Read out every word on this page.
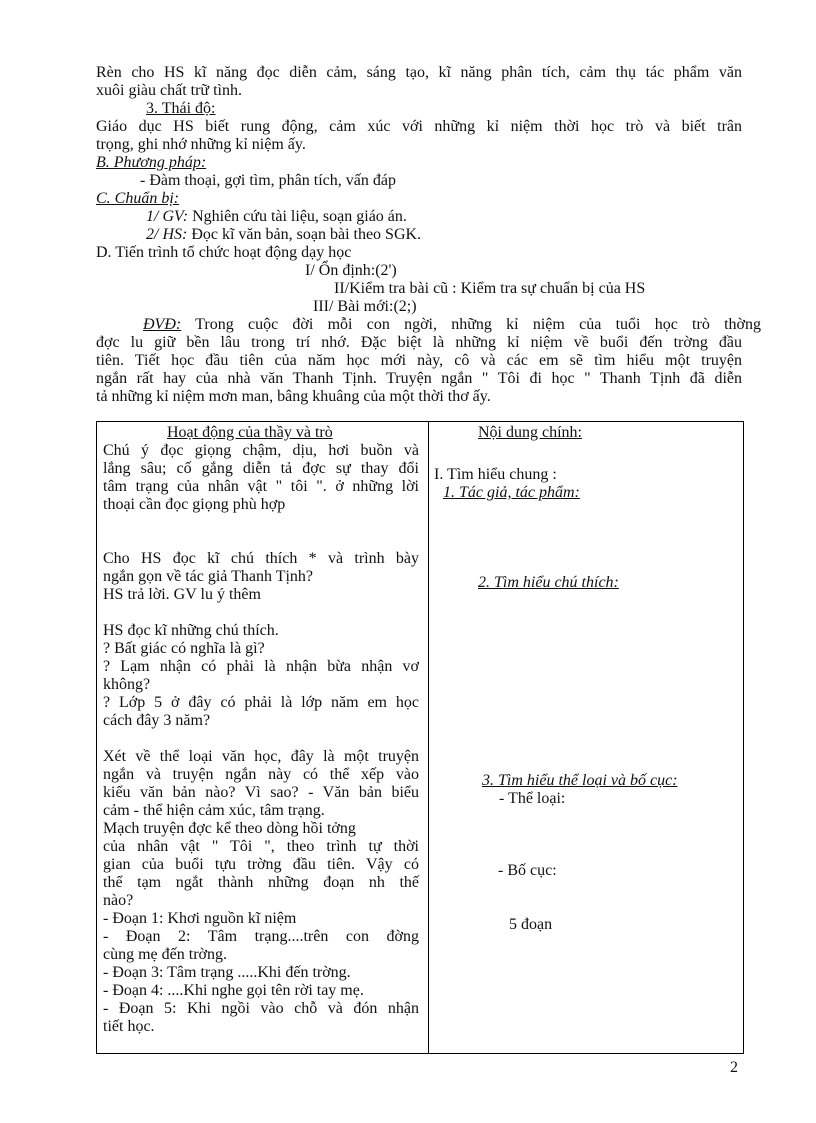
Rèn cho HS kĩ năng đọc diễn cảm, sáng tạo, kĩ năng phân tích, cảm thụ tác phẩm văn
xuôi giàu chất trữ tình.
3. Thái độ:
Giáo dục HS biết rung động, cảm xúc với những kỉ niệm thời học trò và biết trân
trọng, ghi nhớ những kỉ niệm ấy.
B. Phương pháp:
- Đàm thoại, gợi tìm, phân tích, vấn đáp
C. Chuẩn bị:
1/ GV: Nghiên cứu tài liệu, soạn giáo án.
2/ HS: Đọc kĩ văn bản, soạn bài theo SGK.
D. Tiến trình tổ chức hoạt động dạy học
I/ Ổn định:(2')
II/Kiểm tra bài cũ : Kiểm tra sự chuẩn bị của HS
III/ Bài mới:(2;)
ĐVĐ: Trong cuộc đời mỗi con ngời, những kỉ niệm của tuổi học trò thờng
đợc lu giữ bền lâu trong trí nhớ. Đặc biệt là những kỉ niệm về buổi đến trờng đầu
tiên. Tiết học đầu tiên của năm học mới này, cô và các em sẽ tìm hiểu một truyện
ngắn rất hay của nhà văn Thanh Tịnh. Truyện ngắn " Tôi đi học " Thanh Tịnh đã diễn
tả những kỉ niệm mơn man, bâng khuâng của một thời thơ ấy.
Hoạt động của thầy và trò	Nội dung chính:
Chú ý đọc giọng chậm, dịu, hơi buồn và
lắng sâu; cố gắng diễn tả đợc sự thay đổi
tâm trạng của nhân vật " tôi ". ở những lời
thoại cần đọc giọng phù hợp
Cho HS đọc kĩ chú thích * và trình bày
ngắn gọn về tác giả Thanh Tịnh?
HS trả lời. GV lu ý thêm
HS đọc kĩ những chú thích.
? Bất giác có nghĩa là gì?
? Lạm nhận có phải là nhận bừa nhận vơ
không?
? Lớp 5 ở đây có phải là lớp năm em học
cách đây 3 năm?
Xét về thể loại văn học, đây là một truyện
ngắn và truyện ngắn này có thể xếp vào
kiểu văn bản nào? Vì sao? - Văn bản biểu
cảm - thể hiện cảm xúc, tâm trạng.
Mạch truyện đợc kể theo dòng hồi tởng
của nhân vật " Tôi ", theo trình tự thời
gian của buổi tựu trờng đầu tiên. Vậy có
thể tạm ngắt thành những đoạn nh thế
nào?
- Đoạn 1: Khơi nguồn kĩ niệm
- Đoạn 2: Tâm trạng....trên con đờng
cùng mẹ đến trờng.
- Đoạn 3: Tâm trạng .....Khi đến trờng.
- Đoạn 4: ....Khi nghe gọi tên rời tay mẹ.
- Đoạn 5: Khi ngồi vào chỗ và đón nhận
tiết học.
I. Tìm hiểu chung :
1. Tác giả, tác phẩm:
2. Tìm hiểu chú thích:
3. Tìm hiểu thể loại và bố cục:
- Thể loại:
- Bố cục:
5 đoạn
2
